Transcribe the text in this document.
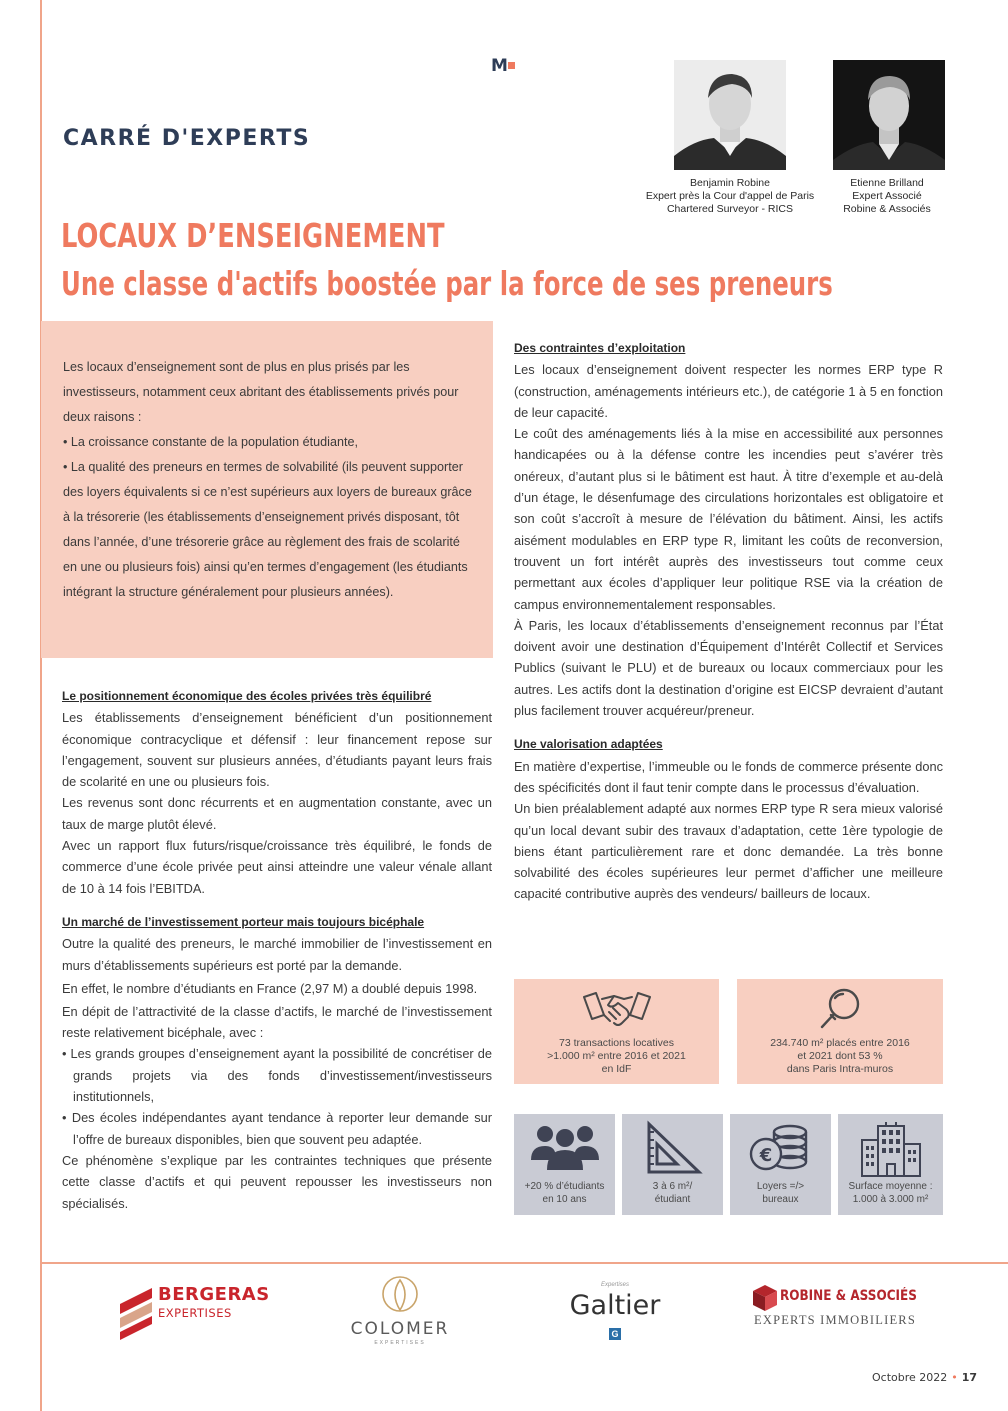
M
CARRÉ D'EXPERTS
Benjamin Robine
Expert près la Cour d'appel de Paris
Chartered Surveyor - RICS
Etienne Brilland
Expert Associé
Robine & Associés
LOCAUX D’ENSEIGNEMENT
Une classe d'actifs boostée par la force de ses preneurs

Les locaux d’enseignement sont de plus en plus prisés par les investisseurs, notamment ceux abritant des établissements privés pour deux raisons :

• La croissance constante de la population étudiante,

• La qualité des preneurs en termes de solvabilité (ils peuvent supporter des loyers équivalents si ce n’est supérieurs aux loyers de bureaux grâce à la trésorerie (les établissements d’enseignement privés disposant, tôt dans l’année, d’une trésorerie grâce au règlement des frais de scolarité en une ou plusieurs fois) ainsi qu’en termes d’engagement (les étudiants intégrant la structure généralement pour plusieurs années).

Le positionnement économique des écoles privées très équilibré

Les établissements d’enseignement bénéficient d’un positionnement économique contracyclique et défensif : leur financement repose sur l’engagement, souvent sur plusieurs années, d’étudiants payant leurs frais de scolarité en une ou plusieurs fois.

Les revenus sont donc récurrents et en augmentation constante, avec un taux de marge plutôt élevé.

Avec un rapport flux futurs/risque/croissance très équilibré, le fonds de commerce d’une école privée peut ainsi atteindre une valeur vénale allant de 10 à 14 fois l’EBITDA.

Un marché de l’investissement porteur mais toujours bicéphale

Outre la qualité des preneurs, le marché immobilier de l’investissement en murs d’établissements supérieurs est porté par la demande.

En effet, le nombre d’étudiants en France (2,97 M) a doublé depuis 1998.

En dépit de l’attractivité de la classe d’actifs, le marché de l’investissement reste relativement bicéphale, avec :

• Les grands groupes d’enseignement ayant la possibilité de concrétiser de grands projets via des fonds d’investissement/investisseurs institutionnels,
• Des écoles indépendantes ayant tendance à reporter leur demande sur l’offre de bureaux disponibles, bien que souvent peu adaptée.

Ce phénomène s’explique par les contraintes techniques que présente cette classe d’actifs et qui peuvent repousser les investisseurs non spécialisés.

Des contraintes d’exploitation

Les locaux d’enseignement doivent respecter les normes ERP type R (construction, aménagements intérieurs etc.), de catégorie 1 à 5 en fonction de leur capacité.

Le coût des aménagements liés à la mise en accessibilité aux personnes handicapées ou à la défense contre les incendies peut s’avérer très onéreux, d’autant plus si le bâtiment est haut. À titre d’exemple et au-delà d’un étage, le désenfumage des circulations horizontales est obligatoire et son coût s’accroît à mesure de l’élévation du bâtiment. Ainsi, les actifs aisément modulables en ERP type R, limitant les coûts de reconversion, trouvent un fort intérêt auprès des investisseurs tout comme ceux permettant aux écoles d’appliquer leur politique RSE via la création de campus environnementalement responsables.

À Paris, les locaux d’établissements d’enseignement reconnus par l’État doivent avoir une destination d’Équipement d’Intérêt Collectif et Services Publics (suivant le PLU) et de bureaux ou locaux commerciaux pour les autres. Les actifs dont la destination d’origine est EICSP devraient d’autant plus facilement trouver acquéreur/preneur.

Une valorisation adaptées

En matière d’expertise, l’immeuble ou le fonds de commerce présente donc des spécificités dont il faut tenir compte dans le processus d’évaluation.

Un bien préalablement adapté aux normes ERP type R sera mieux valorisé qu’un local devant subir des travaux d’adaptation, cette 1ère typologie de biens étant particulièrement rare et donc demandée. La très bonne solvabilité des écoles supérieures leur permet d’afficher une meilleure capacité contributive auprès des vendeurs/ bailleurs de locaux.

73 transactions locatives
>1.000 m² entre 2016 et 2021
en IdF
234.740 m² placés entre 2016
et 2021 dont 53 %
dans Paris Intra-muros
+20 % d’étudiants
en 10 ans
3 à 6 m²/
étudiant
€
Loyers =/>
bureaux
Surface moyenne :
1.000 à 3.000 m²
BERGERAS
EXPERTISES
COLOMER
EXPERTISES
Expertises
Galtier
G
ROBINE & ASSOCIÉS
EXPERTS IMMOBILIERS
Octobre 2022 • 17
